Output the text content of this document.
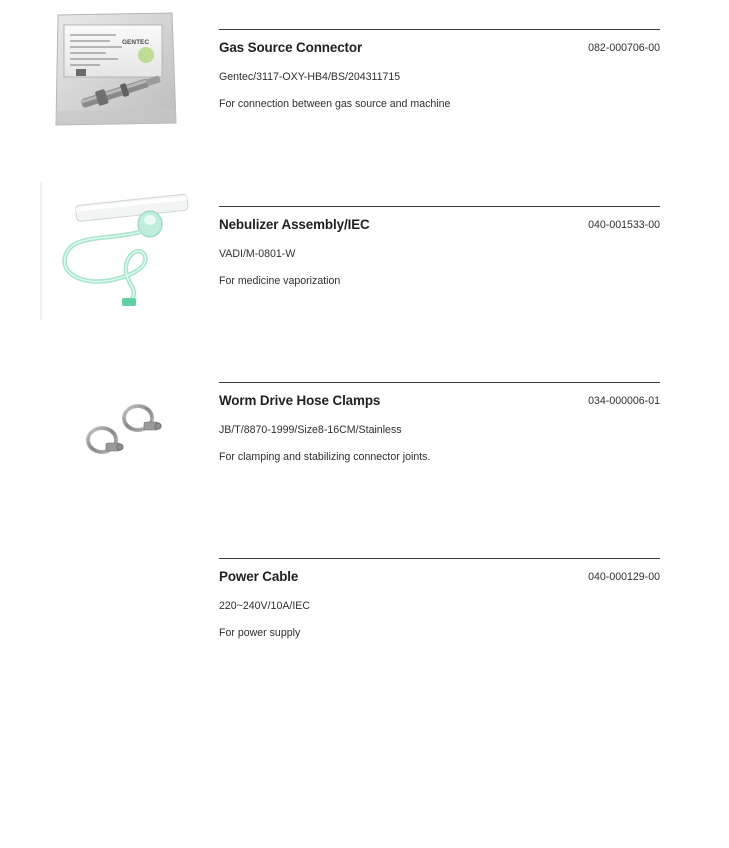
GENTEC	Gas Source Connector	082-000706-00
Gentec/3117-OXY-HB4/BS/204311715
For connection between gas source and machine
Nebulizer Assembly/IEC	040-001533-00
VADI/M-0801-W
For medicine vaporization
Worm Drive Hose Clamps	034-000006-01
JB/T/8870-1999/Size8-16CM/Stainless
For clamping and stabilizing connector joints.
Power Cable	040-000129-00
220~240V/10A/IEC
For power supply
